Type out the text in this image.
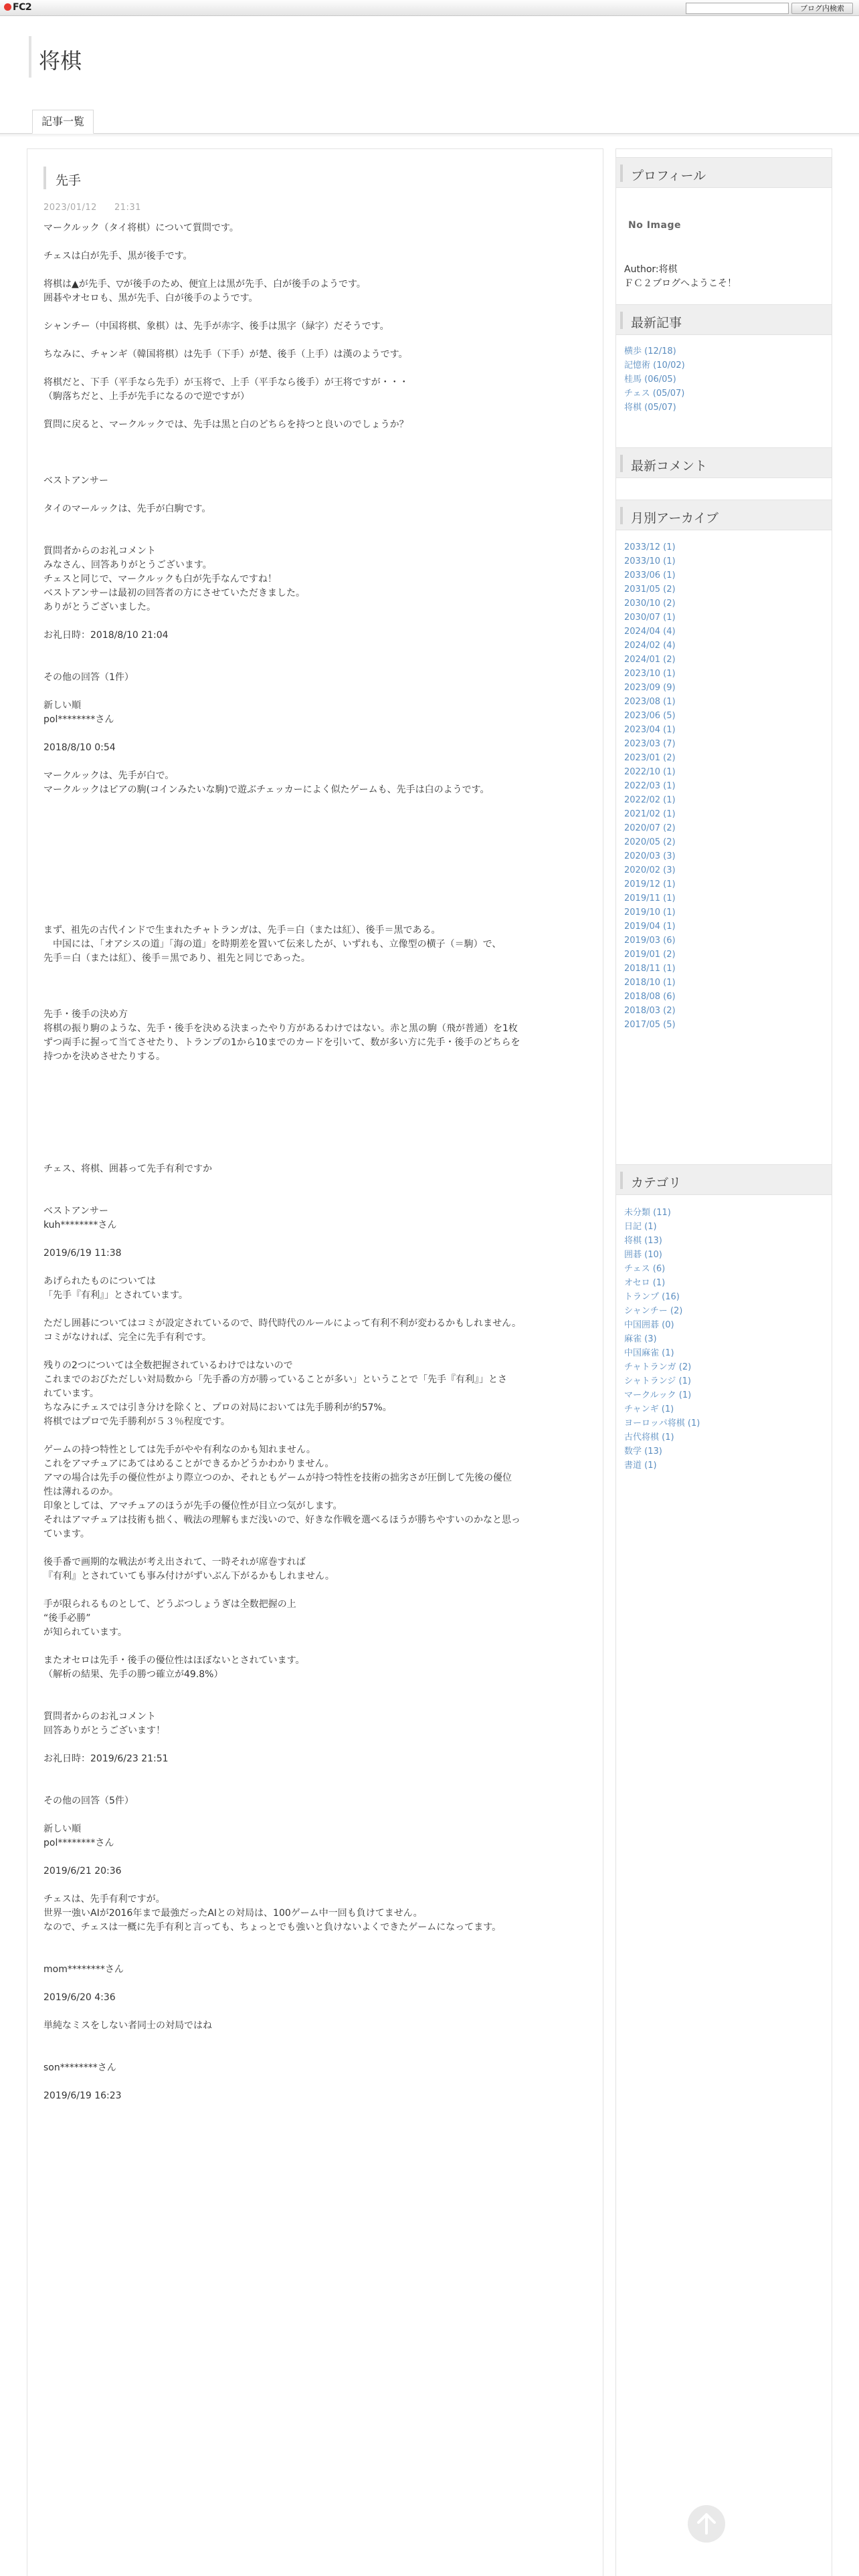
FC2	ブログ内検索
将棋
記事一覧
先手
2023/01/12 21:31

マークルック（タイ将棋）について質問です。

チェスは白が先手、黒が後手です。

将棋は▲が先手、▽が後手のため、便宜上は黒が先手、白が後手のようです。

囲碁やオセロも、黒が先手、白が後手のようです。

シャンチー（中国将棋、象棋）は、先手が赤字、後手は黒字（緑字）だそうです。

ちなみに、チャンギ（韓国将棋）は先手（下手）が楚、後手（上手）は漢のようです。

将棋だと、下手（平手なら先手）が玉将で、上手（平手なら後手）が王将ですが・・・

（駒落ちだと、上手が先手になるので逆ですが）

質問に戻ると、マークルックでは、先手は黒と白のどちらを持つと良いのでしょうか？

ベストアンサー

タイのマールックは、先手が白駒です。

質問者からのお礼コメント

みなさん、回答ありがとうございます。

チェスと同じで、マークルックも白が先手なんですね！

ベストアンサーは最初の回答者の方にさせていただきました。

ありがとうございました。

お礼日時：2018/8/10 21:04

その他の回答（1件）

新しい順

pol********さん

2018/8/10 0:54

マークルックは、先手が白で。

マークルックはピアの駒(コインみたいな駒)で遊ぶチェッカーによく似たゲームも、先手は白のようです。

まず、祖先の古代インドで生まれたチャトランガは、先手＝白（または紅）、後手＝黒である。

　中国には、「オアシスの道」「海の道」を時期差を置いて伝来したが、いずれも、立像型の横子（＝駒）で、

先手＝白（または紅）、後手＝黒であり、祖先と同じであった。

先手・後手の決め方

将棋の振り駒のような、先手・後手を決める決まったやり方があるわけではない。赤と黒の駒（飛が普通）を1枚

ずつ両手に握って当てさせたり、トランプの1から10までのカードを引いて、数が多い方に先手・後手のどちらを

持つかを決めさせたりする。

チェス、将棋、囲碁って先手有利ですか

ベストアンサー

kuh********さん

2019/6/19 11:38

あげられたものについては

「先手『有利』」とされています。

ただし囲碁についてはコミが設定されているので、時代時代のルールによって有利不利が変わるかもしれません。

コミがなければ、完全に先手有利です。

残りの2つについては全数把握されているわけではないので

これまでのおびただしい対局数から「先手番の方が勝っていることが多い」ということで「先手『有利』」とさ

れています。

ちなみにチェスでは引き分けを除くと、プロの対局においては先手勝利が約57%。

将棋ではプロで先手勝利が５３％程度です。

ゲームの持つ特性としては先手がやや有利なのかも知れません。

これをアマチュアにあてはめることができるかどうかわかりません。

アマの場合は先手の優位性がより際立つのか、それともゲームが持つ特性を技術の拙劣さが圧倒して先後の優位

性は薄れるのか。

印象としては、アマチュアのほうが先手の優位性が目立つ気がします。

それはアマチュアは技術も拙く、戦法の理解もまだ浅いので、好きな作戦を選べるほうが勝ちやすいのかなと思っ

ています。

後手番で画期的な戦法が考え出されて、一時それが席巻すれば

『有利』とされていても事み付けがずいぶん下がるかもしれません。

手が限られるものとして、どうぶつしょうぎは全数把握の上

“後手必勝”

が知られています。

またオセロは先手・後手の優位性はほぼないとされています。

（解析の結果、先手の勝つ確立が49.8%）

質問者からのお礼コメント

回答ありがとうございます！

お礼日時：2019/6/23 21:51

その他の回答（5件）

新しい順

pol********さん

2019/6/21 20:36

チェスは、先手有利ですが。

世界一強いAIが2016年まで最強だったAIとの対局は、100ゲーム中一回も負けてません。

なので、チェスは一概に先手有利と言っても、ちょっとでも強いと負けないよくできたゲームになってます。

mom********さん

2019/6/20 4:36

単純なミスをしない者同士の対局ではね

son********さん

2019/6/19 16:23

プロフィール
No Image
Author:将棋
ＦＣ２ブログへようこそ！
最新記事
横歩 (12/18)
記憶術 (10/02)
桂馬 (06/05)
チェス (05/07)
将棋 (05/07)
最新コメント
月別アーカイブ
2033/12 (1)
2033/10 (1)
2033/06 (1)
2031/05 (2)
2030/10 (2)
2030/07 (1)
2024/04 (4)
2024/02 (4)
2024/01 (2)
2023/10 (1)
2023/09 (9)
2023/08 (1)
2023/06 (5)
2023/04 (1)
2023/03 (7)
2023/01 (2)
2022/10 (1)
2022/03 (1)
2022/02 (1)
2021/02 (1)
2020/07 (2)
2020/05 (2)
2020/03 (3)
2020/02 (3)
2019/12 (1)
2019/11 (1)
2019/10 (1)
2019/04 (1)
2019/03 (6)
2019/01 (2)
2018/11 (1)
2018/10 (1)
2018/08 (6)
2018/03 (2)
2017/05 (5)
カテゴリ
未分類 (11)
日記 (1)
将棋 (13)
囲碁 (10)
チェス (6)
オセロ (1)
トランプ (16)
シャンチー (2)
中国囲碁 (0)
麻雀 (3)
中国麻雀 (1)
チャトランガ (2)
シャトランジ (1)
マークルック (1)
チャンギ (1)
ヨーロッパ将棋 (1)
古代将棋 (1)
数学 (13)
書道 (1)
